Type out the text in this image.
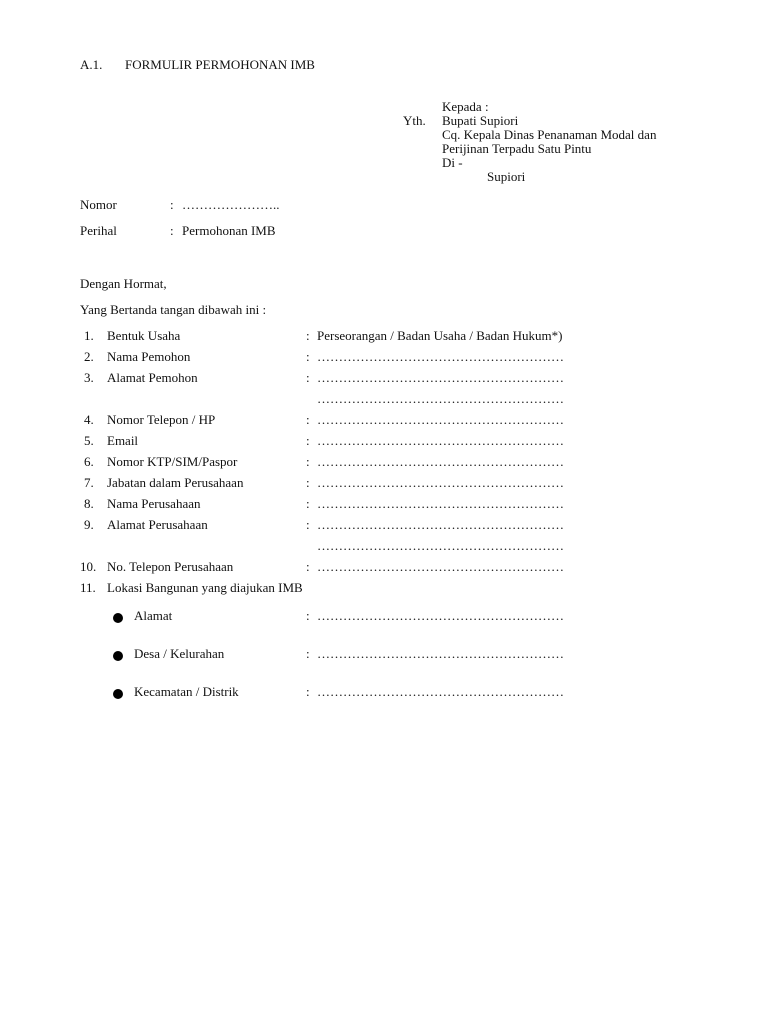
A.1. FORMULIR PERMOHONAN IMB
Kepada :
Yth. Bupati Supiori
Cq. Kepala Dinas Penanaman Modal dan
Perijinan Terpadu Satu Pintu
Di -
Supiori
Nomor	: …………………..
Perihal	: Permohonan IMB
Dengan Hormat,
Yang Bertanda tangan dibawah ini :
1. Bentuk Usaha	: Perseorangan / Badan Usaha / Badan Hukum*)
2. Nama Pemohon	: …………………………………………………
3. Alamat Pemohon	: …………………………………………………
…………………………………………………
4. Nomor Telepon / HP	: …………………………………………………
5. Email	: …………………………………………………
6. Nomor KTP/SIM/Paspor	: …………………………………………………
7. Jabatan dalam Perusahaan	: …………………………………………………
8. Nama Perusahaan	: …………………………………………………
9. Alamat Perusahaan	: …………………………………………………
…………………………………………………
10. No. Telepon Perusahaan	: …………………………………………………
11. Lokasi Bangunan yang diajukan IMB
Alamat	: …………………………………………………
Desa / Kelurahan	: …………………………………………………
Kecamatan / Distrik	: …………………………………………………
